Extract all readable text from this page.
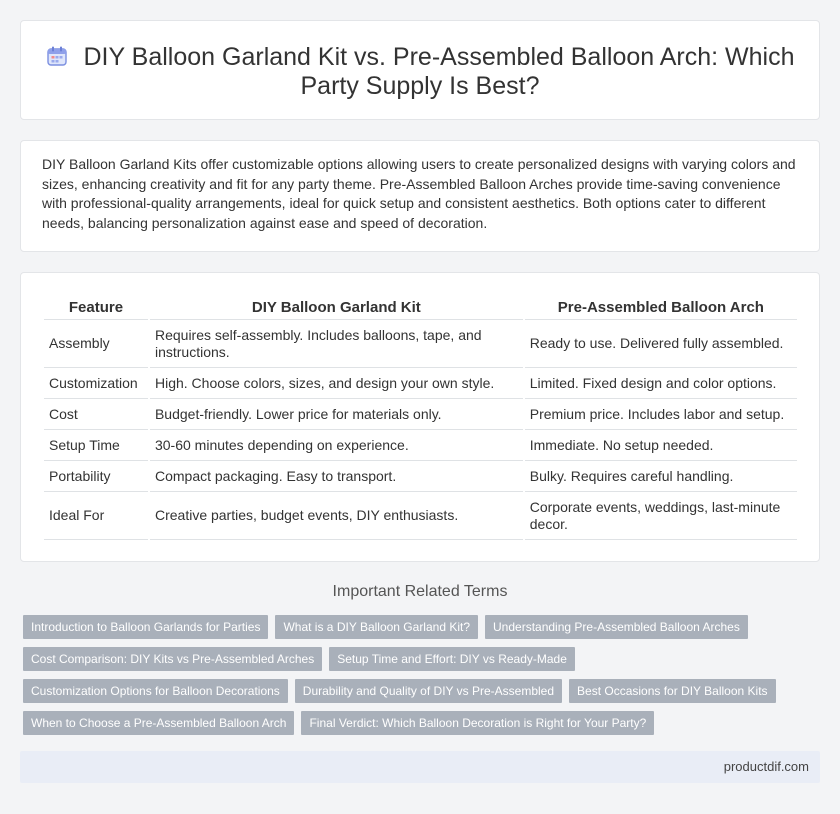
DIY Balloon Garland Kit vs. Pre-Assembled Balloon Arch: Which
Party Supply Is Best?

DIY Balloon Garland Kits offer customizable options allowing users to create personalized designs with varying colors and sizes, enhancing creativity and fit for any party theme. Pre-Assembled Balloon Arches provide time-saving convenience with professional-quality arrangements, ideal for quick setup and consistent aesthetics. Both options cater to different needs, balancing personalization against ease and speed of decoration.

Feature	DIY Balloon Garland Kit	Pre-Assembled Balloon Arch
Assembly	Requires self-assembly. Includes balloons, tape, and instructions.	Ready to use. Delivered fully assembled.
Customization	High. Choose colors, sizes, and design your own style.	Limited. Fixed design and color options.
Cost	Budget-friendly. Lower price for materials only.	Premium price. Includes labor and setup.
Setup Time	30-60 minutes depending on experience.	Immediate. No setup needed.
Portability	Compact packaging. Easy to transport.	Bulky. Requires careful handling.
Ideal For	Creative parties, budget events, DIY enthusiasts.	Corporate events, weddings, last-minute decor.
Important Related Terms
Introduction to Balloon Garlands for Parties	What is a DIY Balloon Garland Kit?	Understanding Pre-Assembled Balloon Arches
Cost Comparison: DIY Kits vs Pre-Assembled Arches	Setup Time and Effort: DIY vs Ready-Made
Customization Options for Balloon Decorations	Durability and Quality of DIY vs Pre-Assembled	Best Occasions for DIY Balloon Kits
When to Choose a Pre-Assembled Balloon Arch	Final Verdict: Which Balloon Decoration is Right for Your Party?
productdif.com
